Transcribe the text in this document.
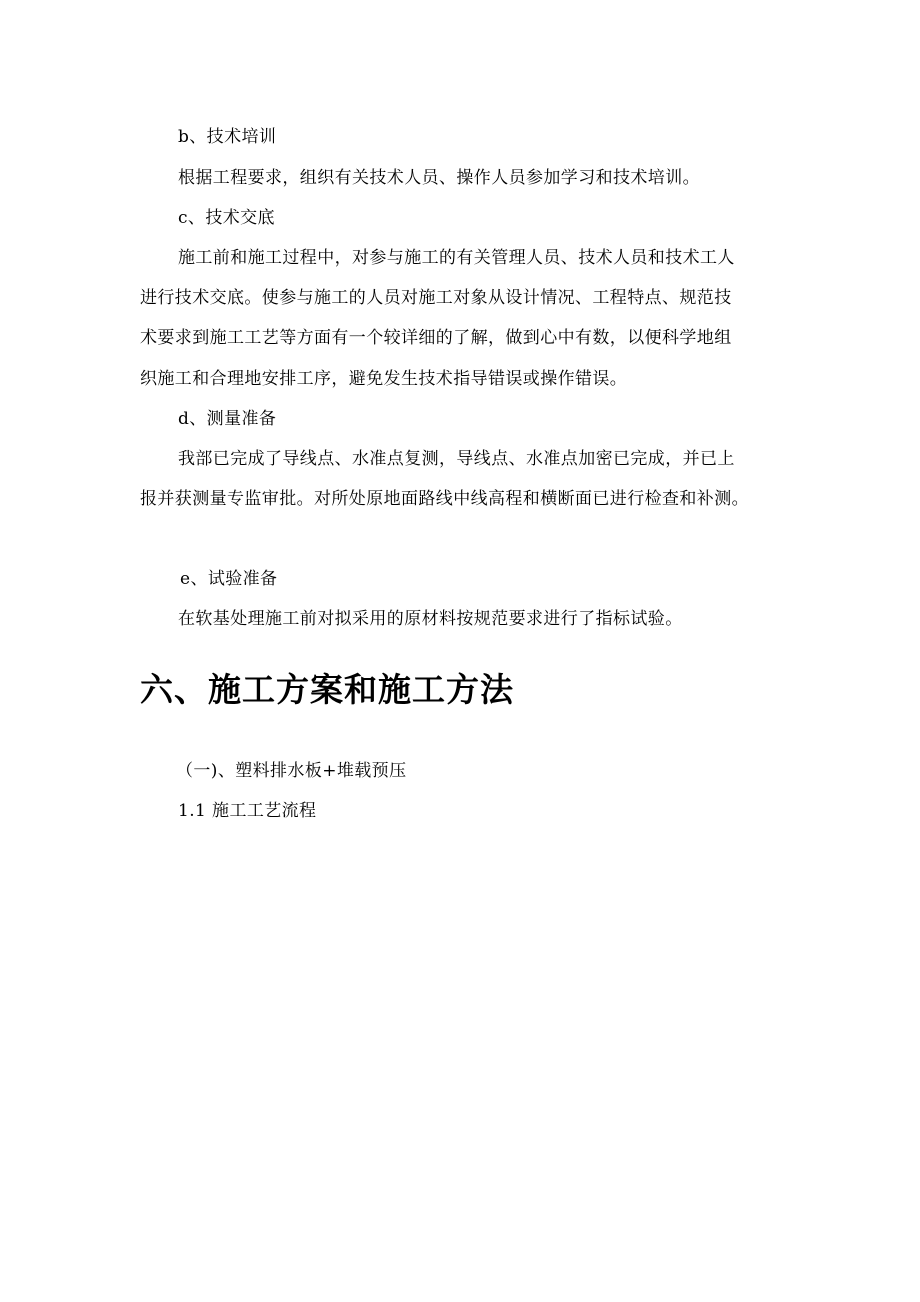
b、技术培训
根据工程要求，组织有关技术人员、操作人员参加学习和技术培训。
c、技术交底
施工前和施工过程中，对参与施工的有关管理人员、技术人员和技术工人
进行技术交底。使参与施工的人员对施工对象从设计情况、工程特点、规范技
术要求到施工工艺等方面有一个较详细的了解，做到心中有数，以便科学地组
织施工和合理地安排工序，避免发生技术指导错误或操作错误。
d、测量准备
我部已完成了导线点、水准点复测，导线点、水准点加密已完成，并已上
报并获测量专监审批。对所处原地面路线中线高程和横断面已进行检查和补测。
e、试验准备
在软基处理施工前对拟采用的原材料按规范要求进行了指标试验。
六、施工方案和施工方法
（一)、塑料排水板+堆载预压
1.1 施工工艺流程
